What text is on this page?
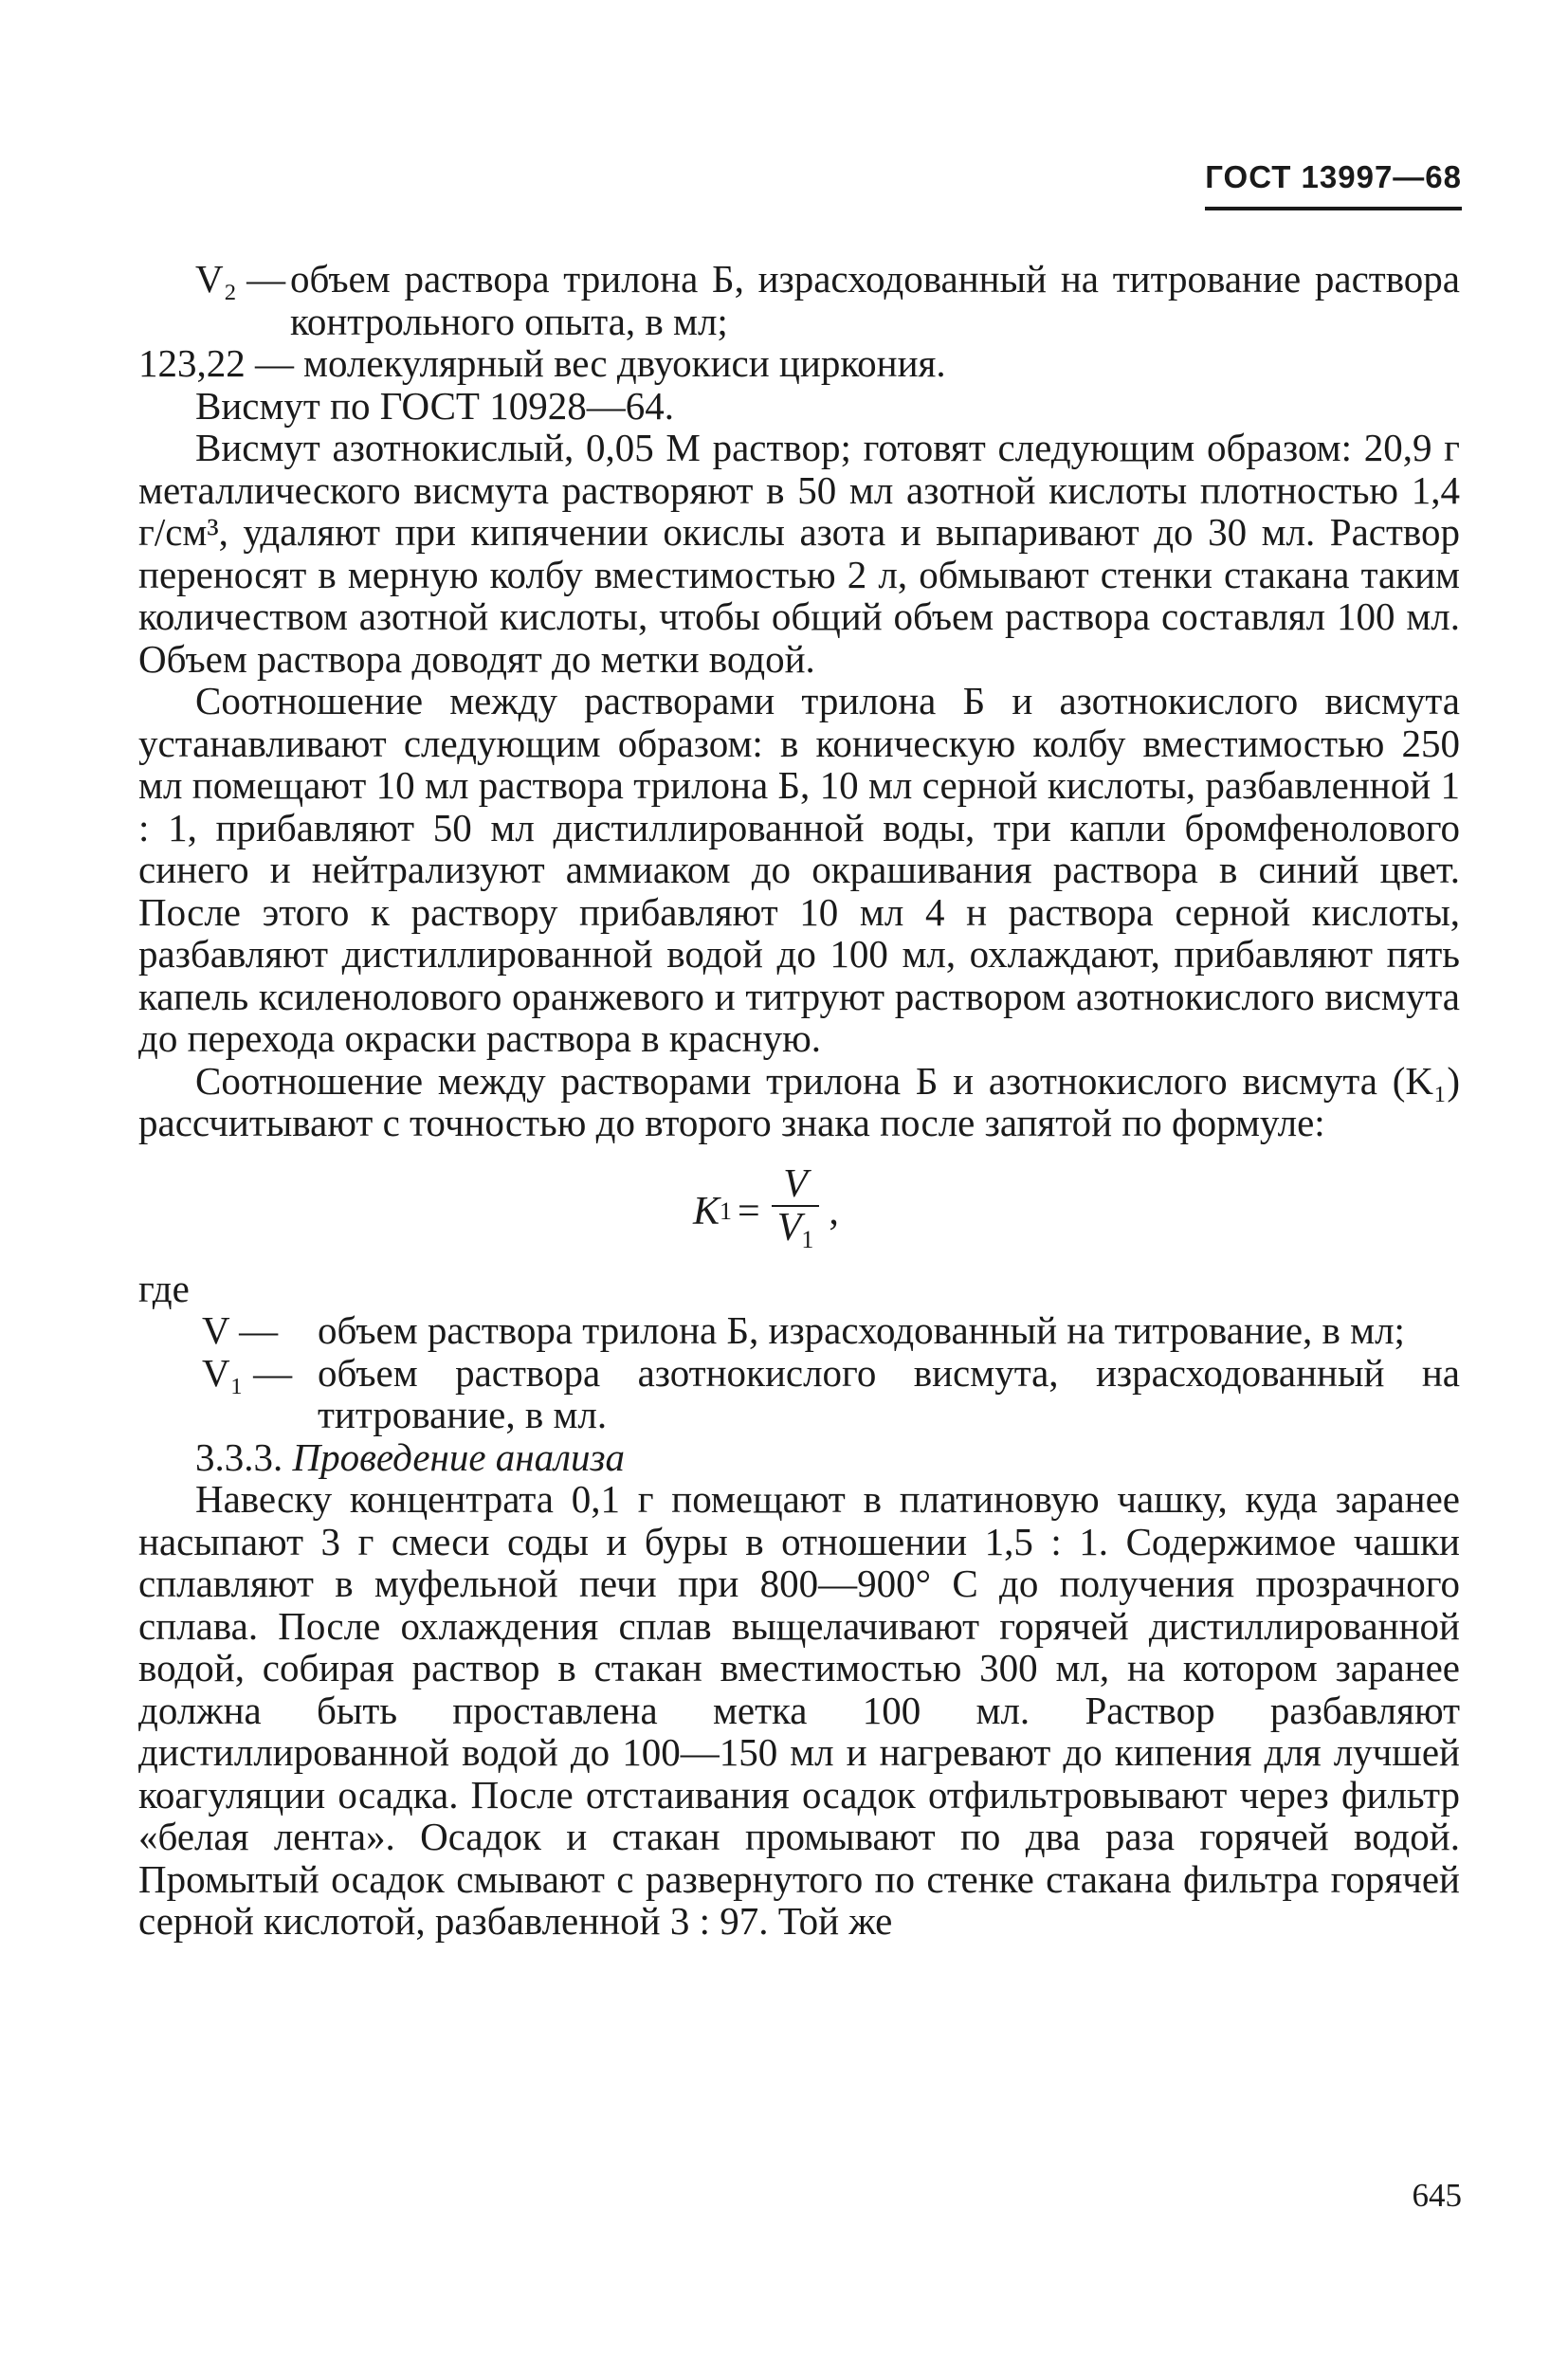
ГОСТ 13997—68
V₂ — объем раствора трилона Б, израсходованный на титрование раствора контрольного опыта, в мл;
123,22 — молекулярный вес двуокиси циркония.

Висмут по ГОСТ 10928—64.

Висмут азотнокислый, 0,05 М раствор; готовят следующим образом: 20,9 г металлического висмута растворяют в 50 мл азотной кислоты плотностью 1,4 г/см³, удаляют при кипячении окислы азота и выпаривают до 30 мл. Раствор переносят в мерную колбу вместимостью 2 л, обмывают стенки стакана таким количеством азотной кислоты, чтобы общий объем раствора составлял 100 мл. Объем раствора доводят до метки водой.

Соотношение между растворами трилона Б и азотнокислого висмута устанавливают следующим образом: в коническую колбу вместимостью 250 мл помещают 10 мл раствора трилона Б, 10 мл серной кислоты, разбавленной 1 : 1, прибавляют 50 мл дистиллированной воды, три капли бромфенолового синего и нейтрализуют аммиаком до окрашивания раствора в синий цвет. После этого к раствору прибавляют 10 мл 4 н раствора серной кислоты, разбавляют дистиллированной водой до 100 мл, охлаждают, прибавляют пять капель ксиленолового оранжевого и титруют раствором азотнокислого висмута до перехода окраски раствора в красную.

Соотношение между растворами трилона Б и азотнокислого висмута (K₁) рассчитывают с точностью до второго знака после запятой по формуле:

K $1 = \frac{V}{V_1}$ ,

где

V —	объем раствора трилона Б, израсходованный на титрование, в мл;
V₁ — объем раствора азотнокислого висмута, израсходованный на титрование, в мл.

3.3.3. Проведение анализа

Навеску концентрата 0,1 г помещают в платиновую чашку, куда заранее насыпают 3 г смеси соды и буры в отношении 1,5 : 1. Содержимое чашки сплавляют в муфельной печи при 800—900° С до получения прозрачного сплава. После охлаждения сплав выщелачивают горячей дистиллированной водой, собирая раствор в стакан вместимостью 300 мл, на котором заранее должна быть проставлена метка 100 мл. Раствор разбавляют дистиллированной водой до 100—150 мл и нагревают до кипения для лучшей коагуляции осадка. После отстаивания осадок отфильтровывают через фильтр «белая лента». Осадок и стакан промывают по два раза горячей водой. Промытый осадок смывают с развернутого по стенке стакана фильтра горячей серной кислотой, разбавленной 3 : 97. Той же

645
